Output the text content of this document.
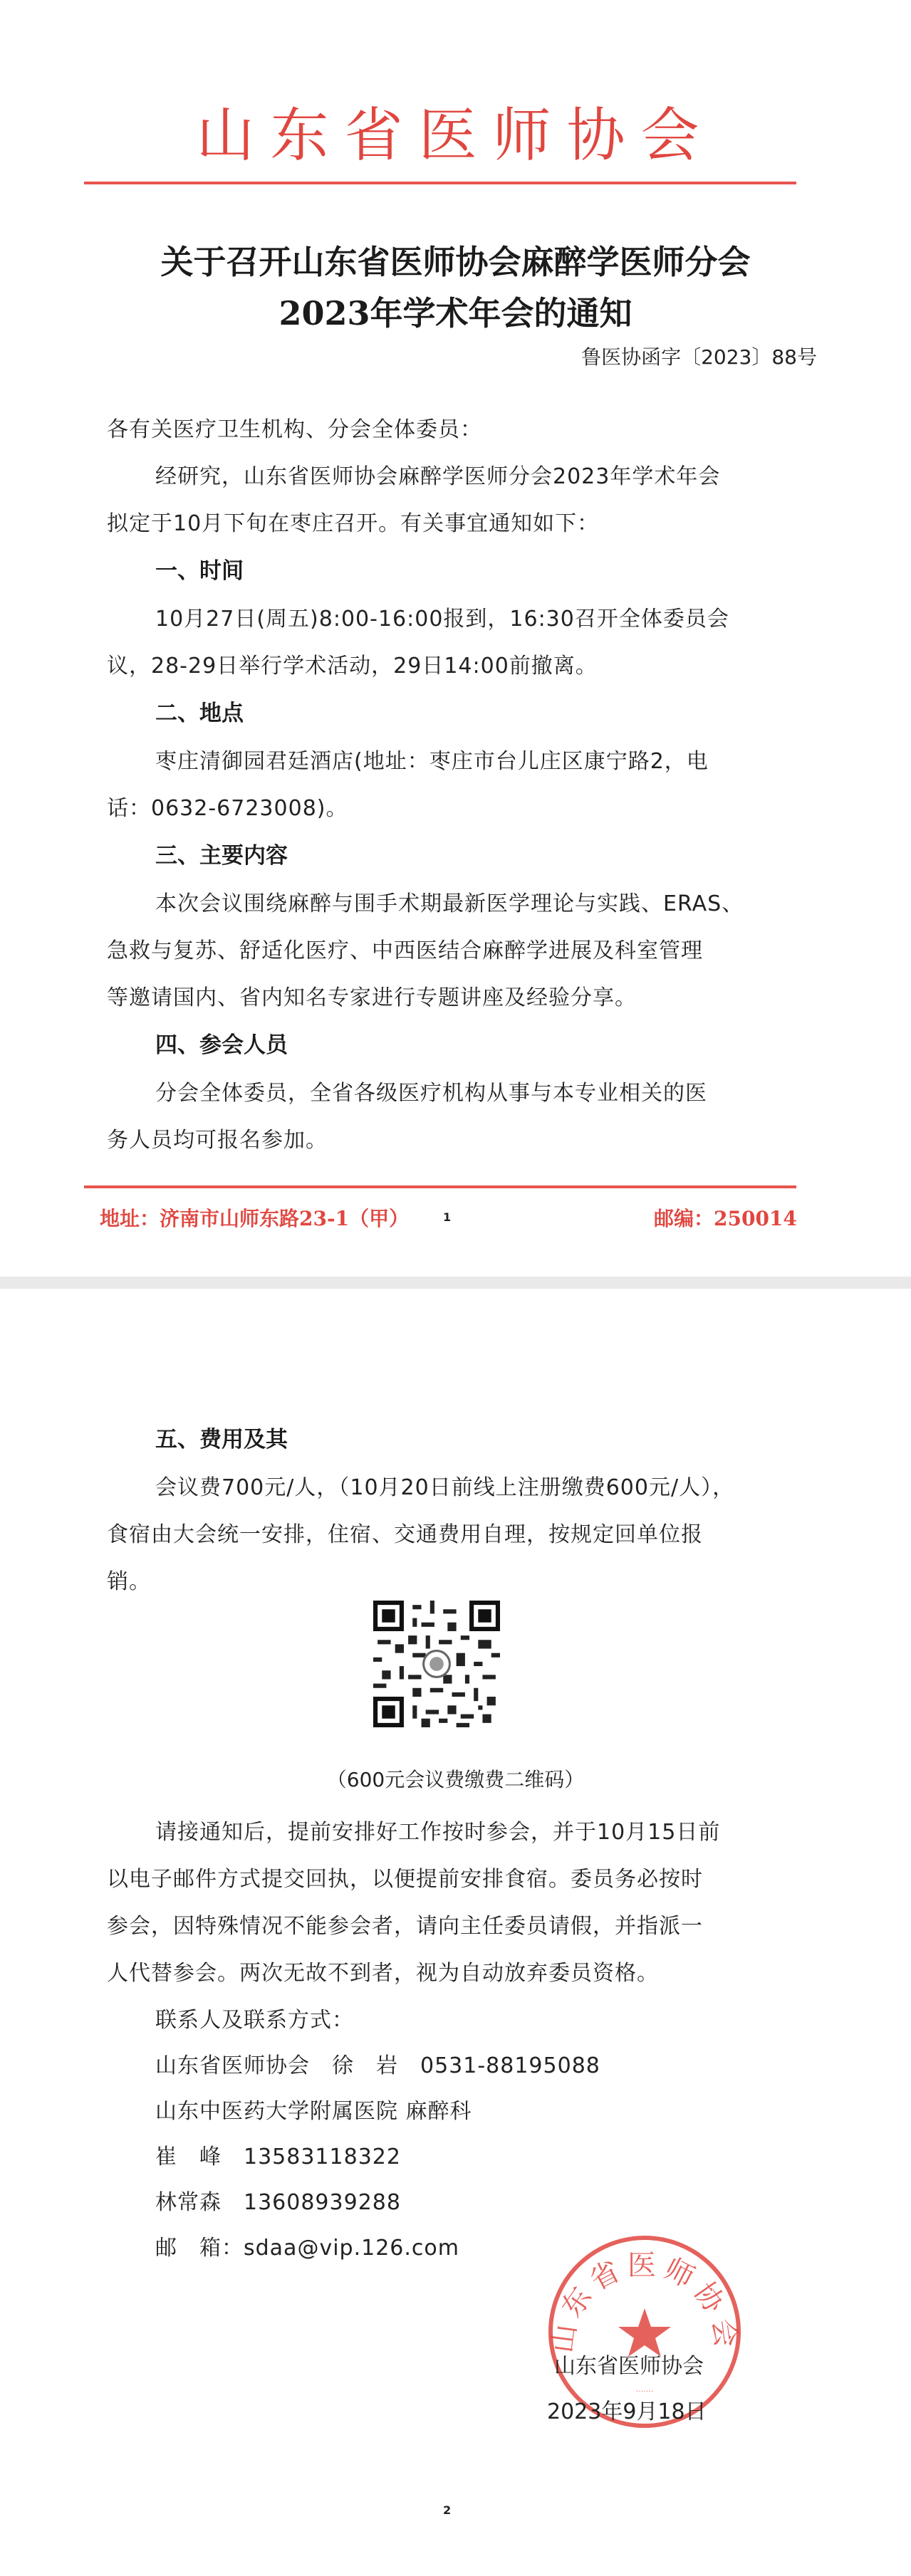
山东省医师协会
关于召开山东省医师协会麻醉学医师分会
2023年学术年会的通知
鲁医协函字〔2023〕88号
各有关医疗卫生机构、分会全体委员：
经研究，山东省医师协会麻醉学医师分会2023年学术年会
拟定于10月下旬在枣庄召开。有关事宜通知如下：
一、时间
10月27日(周五)8:00-16:00报到，16:30召开全体委员会
议，28-29日举行学术活动，29日14:00前撤离。
二、地点
枣庄清御园君廷酒店(地址：枣庄市台儿庄区康宁路2，电
话：0632-6723008)。
三、主要内容
本次会议围绕麻醉与围手术期最新医学理论与实践、ERAS、
急救与复苏、舒适化医疗、中西医结合麻醉学进展及科室管理
等邀请国内、省内知名专家进行专题讲座及经验分享。
四、参会人员
分会全体委员，全省各级医疗机构从事与本专业相关的医
务人员均可报名参加。
地址：济南市山师东路23-1（甲）	1	邮编：250014
五、费用及其
会议费700元/人，（10月20日前线上注册缴费600元/人），
食宿由大会统一安排，住宿、交通费用自理，按规定回单位报
销。
（600元会议费缴费二维码）
请接通知后，提前安排好工作按时参会，并于10月15日前
以电子邮件方式提交回执，以便提前安排食宿。委员务必按时
参会，因特殊情况不能参会者，请向主任委员请假，并指派一
人代替参会。两次无故不到者，视为自动放弃委员资格。
联系人及联系方式：
山东省医师协会　徐　岩　0531-88195088
山东中医药大学附属医院 麻醉科
崔　峰　13583118322
林常森　13608939288
邮　箱：sdaa@vip.126.com
山东省医师协会
·······
山东省医师协会
2023年9月18日
2
